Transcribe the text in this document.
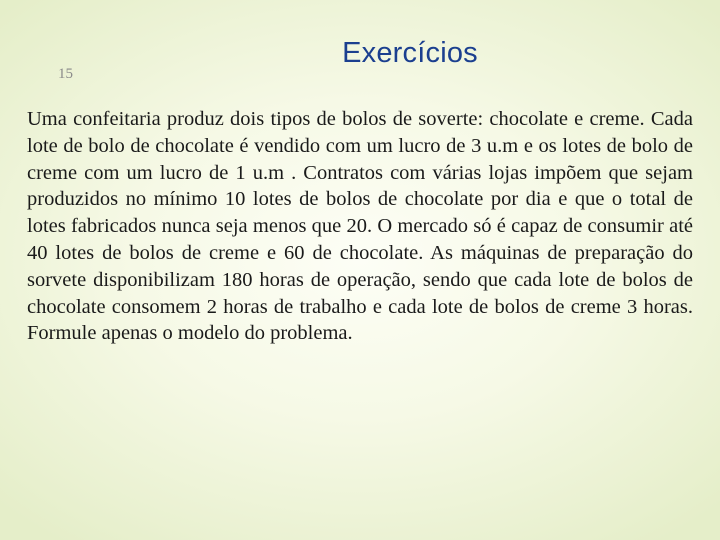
15
Exercícios

Uma confeitaria produz dois tipos de bolos de soverte: chocolate e creme. Cada lote de bolo de chocolate é vendido com um lucro de 3 u.m e os lotes de bolo de creme com um lucro de 1 u.m . Contratos com várias lojas impõem que sejam produzidos no mínimo 10 lotes de bolos de chocolate por dia e que o total de lotes fabricados nunca seja menos que 20. O mercado só é capaz de consumir até 40 lotes de bolos de creme e 60 de chocolate. As máquinas de preparação do sorvete disponibilizam 180 horas de operação, sendo que cada lote de bolos de chocolate consomem 2 horas de trabalho e cada lote de bolos de creme 3 horas. Formule apenas o modelo do problema.
